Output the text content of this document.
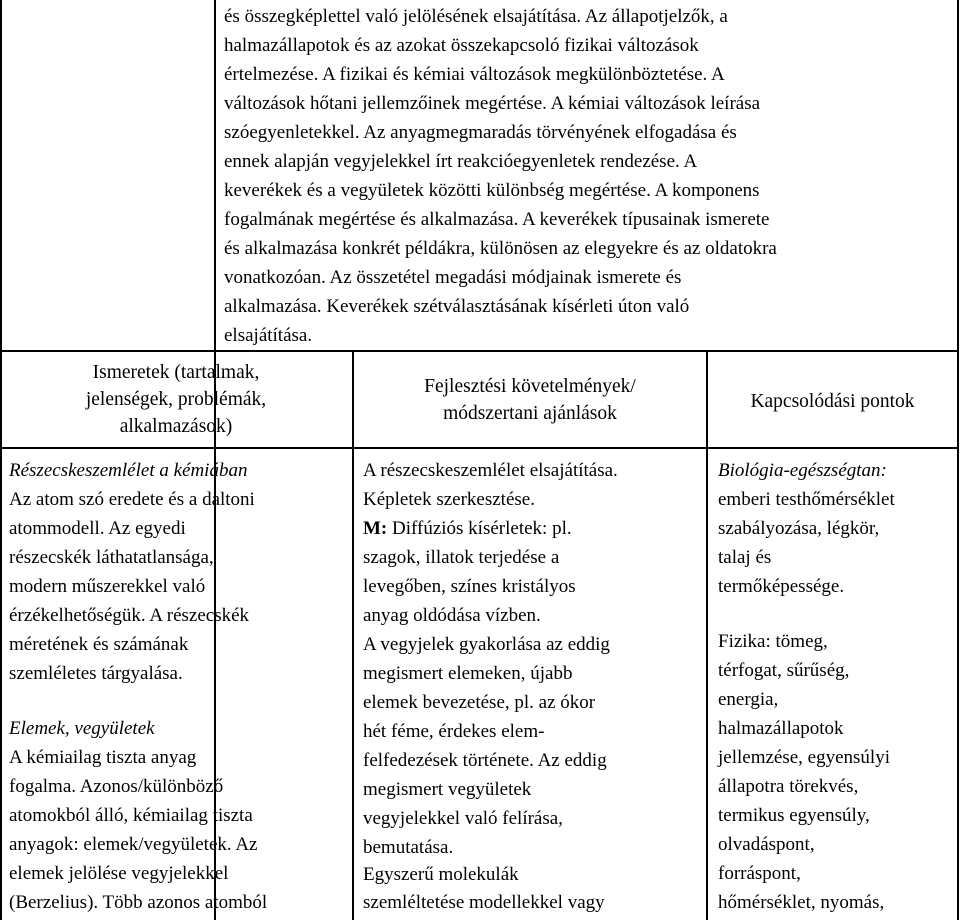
és összegképlettel való jelölésének elsajátítása. Az állapotjelzők, a
halmazállapotok és az azokat összekapcsoló fizikai változások
értelmezése. A fizikai és kémiai változások megkülönböztetése. A
változások hőtani jellemzőinek megértése. A kémiai változások leírása
szóegyenletekkel. Az anyagmegmaradás törvényének elfogadása és
ennek alapján vegyjelekkel írt reakcióegyenletek rendezése. A
keverékek és a vegyületek közötti különbség megértése. A komponens
fogalmának megértése és alkalmazása. A keverékek típusainak ismerete
és alkalmazása konkrét példákra, különösen az elegyekre és az oldatokra
vonatkozóan. Az összetétel megadási módjainak ismerete és
alkalmazása. Keverékek szétválasztásának kísérleti úton való
elsajátítása.
Ismeretek (tartalmak,
jelenségek, problémák,
alkalmazások)
Fejlesztési követelmények/
módszertani ajánlások
Kapcsolódási pontok
Részecskeszemlélet a kémiában
Az atom szó eredete és a daltoni
atommodell. Az egyedi
részecskék láthatatlansága,
modern műszerekkel való
érzékelhetőségük. A részecskék
méretének és számának
szemléletes tárgyalása.
Elemek, vegyületek
A kémiailag tiszta anyag
fogalma. Azonos/különböző
atomokból álló, kémiailag tiszta
anyagok: elemek/vegyületek. Az
elemek jelölése vegyjelekkel
(Berzelius). Több azonos atomból
A részecskeszemlélet elsajátítása.
Képletek szerkesztése.
M: Diffúziós kísérletek: pl.
szagok, illatok terjedése a
levegőben, színes kristályos
anyag oldódása vízben.
A vegyjelek gyakorlása az eddig
megismert elemeken, újabb
elemek bevezetése, pl. az ókor
hét féme, érdekes elem-
felfedezések története. Az eddig
megismert vegyületek
vegyjelekkel való felírása,
bemutatása.
Egyszerű molekulák
szemléltetése modellekkel vagy
Biológia-egészségtan:
emberi testhőmérséklet
szabályozása, légkör,
talaj és
termőképessége.
Fizika: tömeg,
térfogat, sűrűség,
energia,
halmazállapotok
jellemzése, egyensúlyi
állapotra törekvés,
termikus egyensúly,
olvadáspont,
forráspont,
hőmérséklet, nyomás,
